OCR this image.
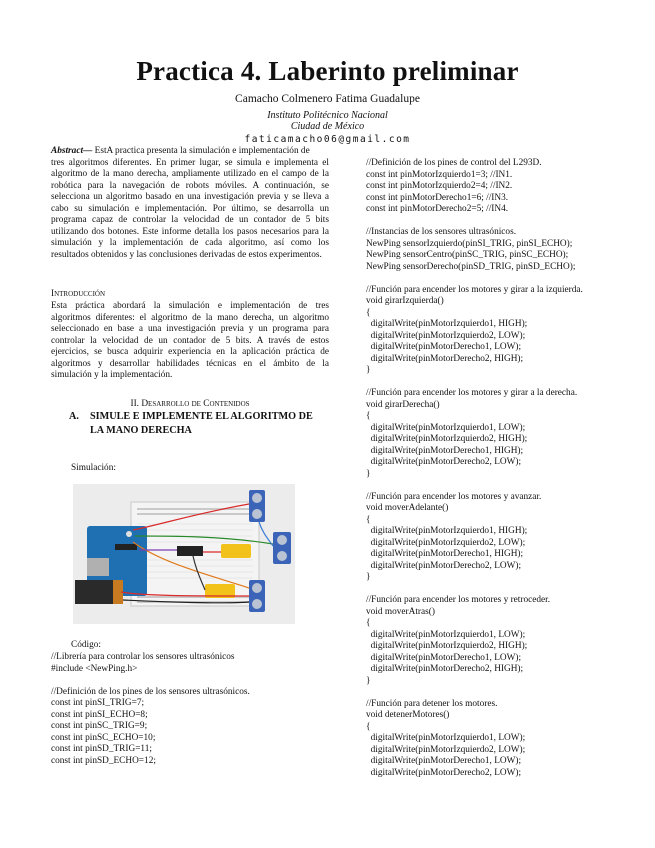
Practica 4. Laberinto preliminar
Camacho Colmenero Fatima Guadalupe
Instituto Politécnico Nacional
Ciudad de México
faticamacho06@gmail.com
Abstract— EstA practica presenta la simulación e implementación de
tres algoritmos diferentes. En primer lugar, se simula e implementa el
algoritmo de la mano derecha, ampliamente utilizado en el campo de la
robótica para la navegación de robots móviles. A continuación, se
selecciona un algoritmo basado en una investigación previa y se lleva a
cabo su simulación e implementación. Por último, se desarrolla un
programa capaz de controlar la velocidad de un contador de 5 bits
utilizando dos botones. Este informe detalla los pasos necesarios para la
simulación y la implementación de cada algoritmo, así como los
resultados obtenidos y las conclusiones derivadas de estos experimentos.
Introducción
Esta práctica abordará la simulación e implementación de tres
algoritmos diferentes: el algoritmo de la mano derecha, un algoritmo
seleccionado en base a una investigación previa y un programa para
controlar la velocidad de un contador de 5 bits. A través de estos
ejercicios, se busca adquirir experiencia en la aplicación práctica de
algoritmos y desarrollar habilidades técnicas en el ámbito de la
simulación y la implementación.
II. Desarrollo de Contenidos
A. SIMULE E IMPLEMENTE EL ALGORITMO DE
LA MANO DERECHA
Simulación:
Código:
//Librería para controlar los sensores ultrasónicos
#include <NewPing.h>
//Definición de los pines de los sensores ultrasónicos.
const int pinSI_TRIG=7;
const int pinSI_ECHO=8;
const int pinSC_TRIG=9;
const int pinSC_ECHO=10;
const int pinSD_TRIG=11;
const int pinSD_ECHO=12;
//Definición de los pines de control del L293D.
const int pinMotorIzquierdo1=3; //IN1.
const int pinMotorIzquierdo2=4; //IN2.
const int pinMotorDerecho1=6; //IN3.
const int pinMotorDerecho2=5; //IN4.
//Instancias de los sensores ultrasónicos.
NewPing sensorIzquierdo(pinSI_TRIG, pinSI_ECHO);
NewPing sensorCentro(pinSC_TRIG, pinSC_ECHO);
NewPing sensorDerecho(pinSD_TRIG, pinSD_ECHO);
//Función para encender los motores y girar a la izquierda.
void girarIzquierda()
{
digitalWrite(pinMotorIzquierdo1, HIGH);
digitalWrite(pinMotorIzquierdo2, LOW);
digitalWrite(pinMotorDerecho1, LOW);
digitalWrite(pinMotorDerecho2, HIGH);
}
//Función para encender los motores y girar a la derecha.
void girarDerecha()
{
digitalWrite(pinMotorIzquierdo1, LOW);
digitalWrite(pinMotorIzquierdo2, HIGH);
digitalWrite(pinMotorDerecho1, HIGH);
digitalWrite(pinMotorDerecho2, LOW);
}
//Función para encender los motores y avanzar.
void moverAdelante()
{
digitalWrite(pinMotorIzquierdo1, HIGH);
digitalWrite(pinMotorIzquierdo2, LOW);
digitalWrite(pinMotorDerecho1, HIGH);
digitalWrite(pinMotorDerecho2, LOW);
}
//Función para encender los motores y retroceder.
void moverAtras()
{
digitalWrite(pinMotorIzquierdo1, LOW);
digitalWrite(pinMotorIzquierdo2, HIGH);
digitalWrite(pinMotorDerecho1, LOW);
digitalWrite(pinMotorDerecho2, HIGH);
}
//Función para detener los motores.
void detenerMotores()
{
digitalWrite(pinMotorIzquierdo1, LOW);
digitalWrite(pinMotorIzquierdo2, LOW);
digitalWrite(pinMotorDerecho1, LOW);
digitalWrite(pinMotorDerecho2, LOW);
